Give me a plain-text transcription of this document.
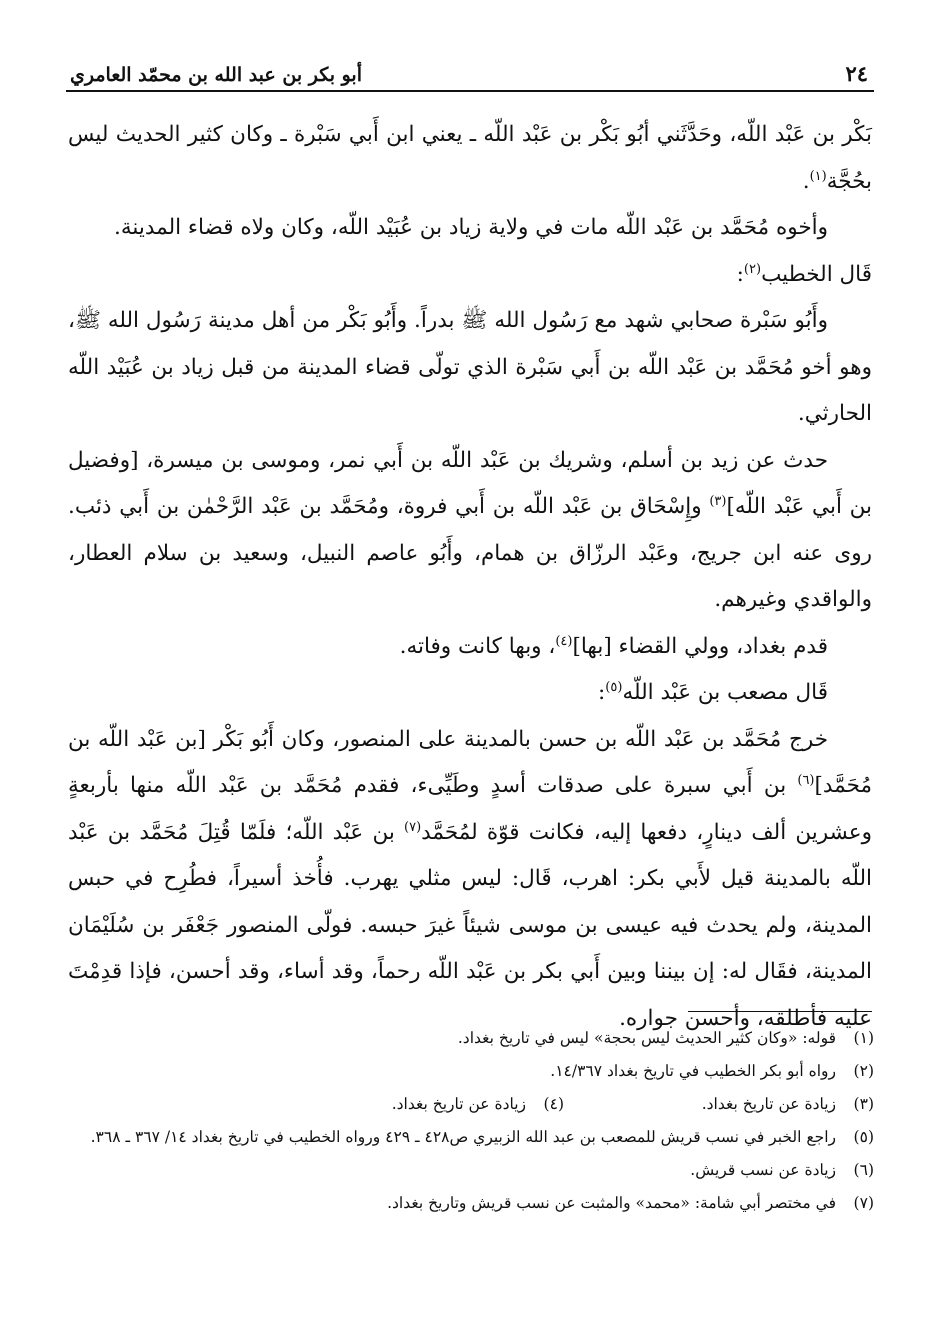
٢٤
أبو بكر بن عبد الله بن محمّد العامري

بَكْر بن عَبْد اللّه، وحَدَّثَني أبُو بَكْر بن عَبْد اللّه ـ يعني ابن أَبي سَبْرة ـ وكان كثير الحديث ليس بحُجَّة$^{(١)}$.

وأخوه مُحَمَّد بن عَبْد اللّه مات في ولاية زياد بن عُبَيْد اللّه، وكان ولاه قضاء المدينة.

قَال الخطيب$^{(٢)}$:

وأَبُو سَبْرة صحابي شهد مع رَسُول الله ﷺ بدراً. وأَبُو بَكْر من أهل مدينة رَسُول الله ﷺ، وهو أخو مُحَمَّد بن عَبْد اللّه بن أَبي سَبْرة الذي تولّى قضاء المدينة من قبل زياد بن عُبَيْد اللّه الحارثي.

حدث عن زيد بن أسلم، وشريك بن عَبْد اللّه بن أَبي نمر، وموسى بن ميسرة، [وفضيل بن أَبي عَبْد اللّه]$^{(٣)}$ وإِسْحَاق بن عَبْد اللّه بن أَبي فروة، ومُحَمَّد بن عَبْد الرَّحْمٰن بن أَبي ذئب. روى عنه ابن جريج، وعَبْد الرزّاق بن همام، وأَبُو عاصم النبيل، وسعيد بن سلام العطار، والواقدي وغيرهم.

قدم بغداد، وولي القضاء [بها]$^{(٤)}$، وبها كانت وفاته.

قَال مصعب بن عَبْد اللّه$^{(٥)}$:

خرج مُحَمَّد بن عَبْد اللّه بن حسن بالمدينة على المنصور، وكان أَبُو بَكْر [بن عَبْد اللّه بن مُحَمَّد]$^{(٦)}$ بن أَبي سبرة على صدقات أسدٍ وطَيِّىء، فقدم مُحَمَّد بن عَبْد اللّه منها بأربعةٍ وعشرين ألف دينارٍ، دفعها إليه، فكانت قوّة لمُحَمَّد$^{(٧)}$ بن عَبْد اللّه؛ فلَمّا قُتِلَ مُحَمَّد بن عَبْد اللّه بالمدينة قيل لأَبي بكر: اهرب، قَال: ليس مثلي يهرب. فأُخذ أسيراً، فطُرِح في حبس المدينة، ولم يحدث فيه عيسى بن موسى شيئاً غيرَ حبسه. فولّى المنصور جَعْفَر بن سُلَيْمَان المدينة، فقَال له: إن بيننا وبين أَبي بكر بن عَبْد اللّه رحماً، وقد أساء، وقد أحسن، فإذا قدِمْتَ عليه فأطلقه، وأحسن جواره.

(١)
قوله: «وكان كثير الحديث ليس بحجة» ليس في تاريخ بغداد.
(٢)
رواه أبو بكر الخطيب في تاريخ بغداد ١٤/٣٦٧.
(٣)
زيادة عن تاريخ بغداد.
(٤)
زيادة عن تاريخ بغداد.
(٥)
راجع الخبر في نسب قريش للمصعب بن عبد الله الزبيري ص٤٢٨ ـ ٤٢٩ ورواه الخطيب في تاريخ بغداد ١٤/ ٣٦٧ ـ ٣٦٨.
(٦)
زيادة عن نسب قريش.
(٧)
في مختصر أبي شامة: «محمد» والمثبت عن نسب قريش وتاريخ بغداد.
